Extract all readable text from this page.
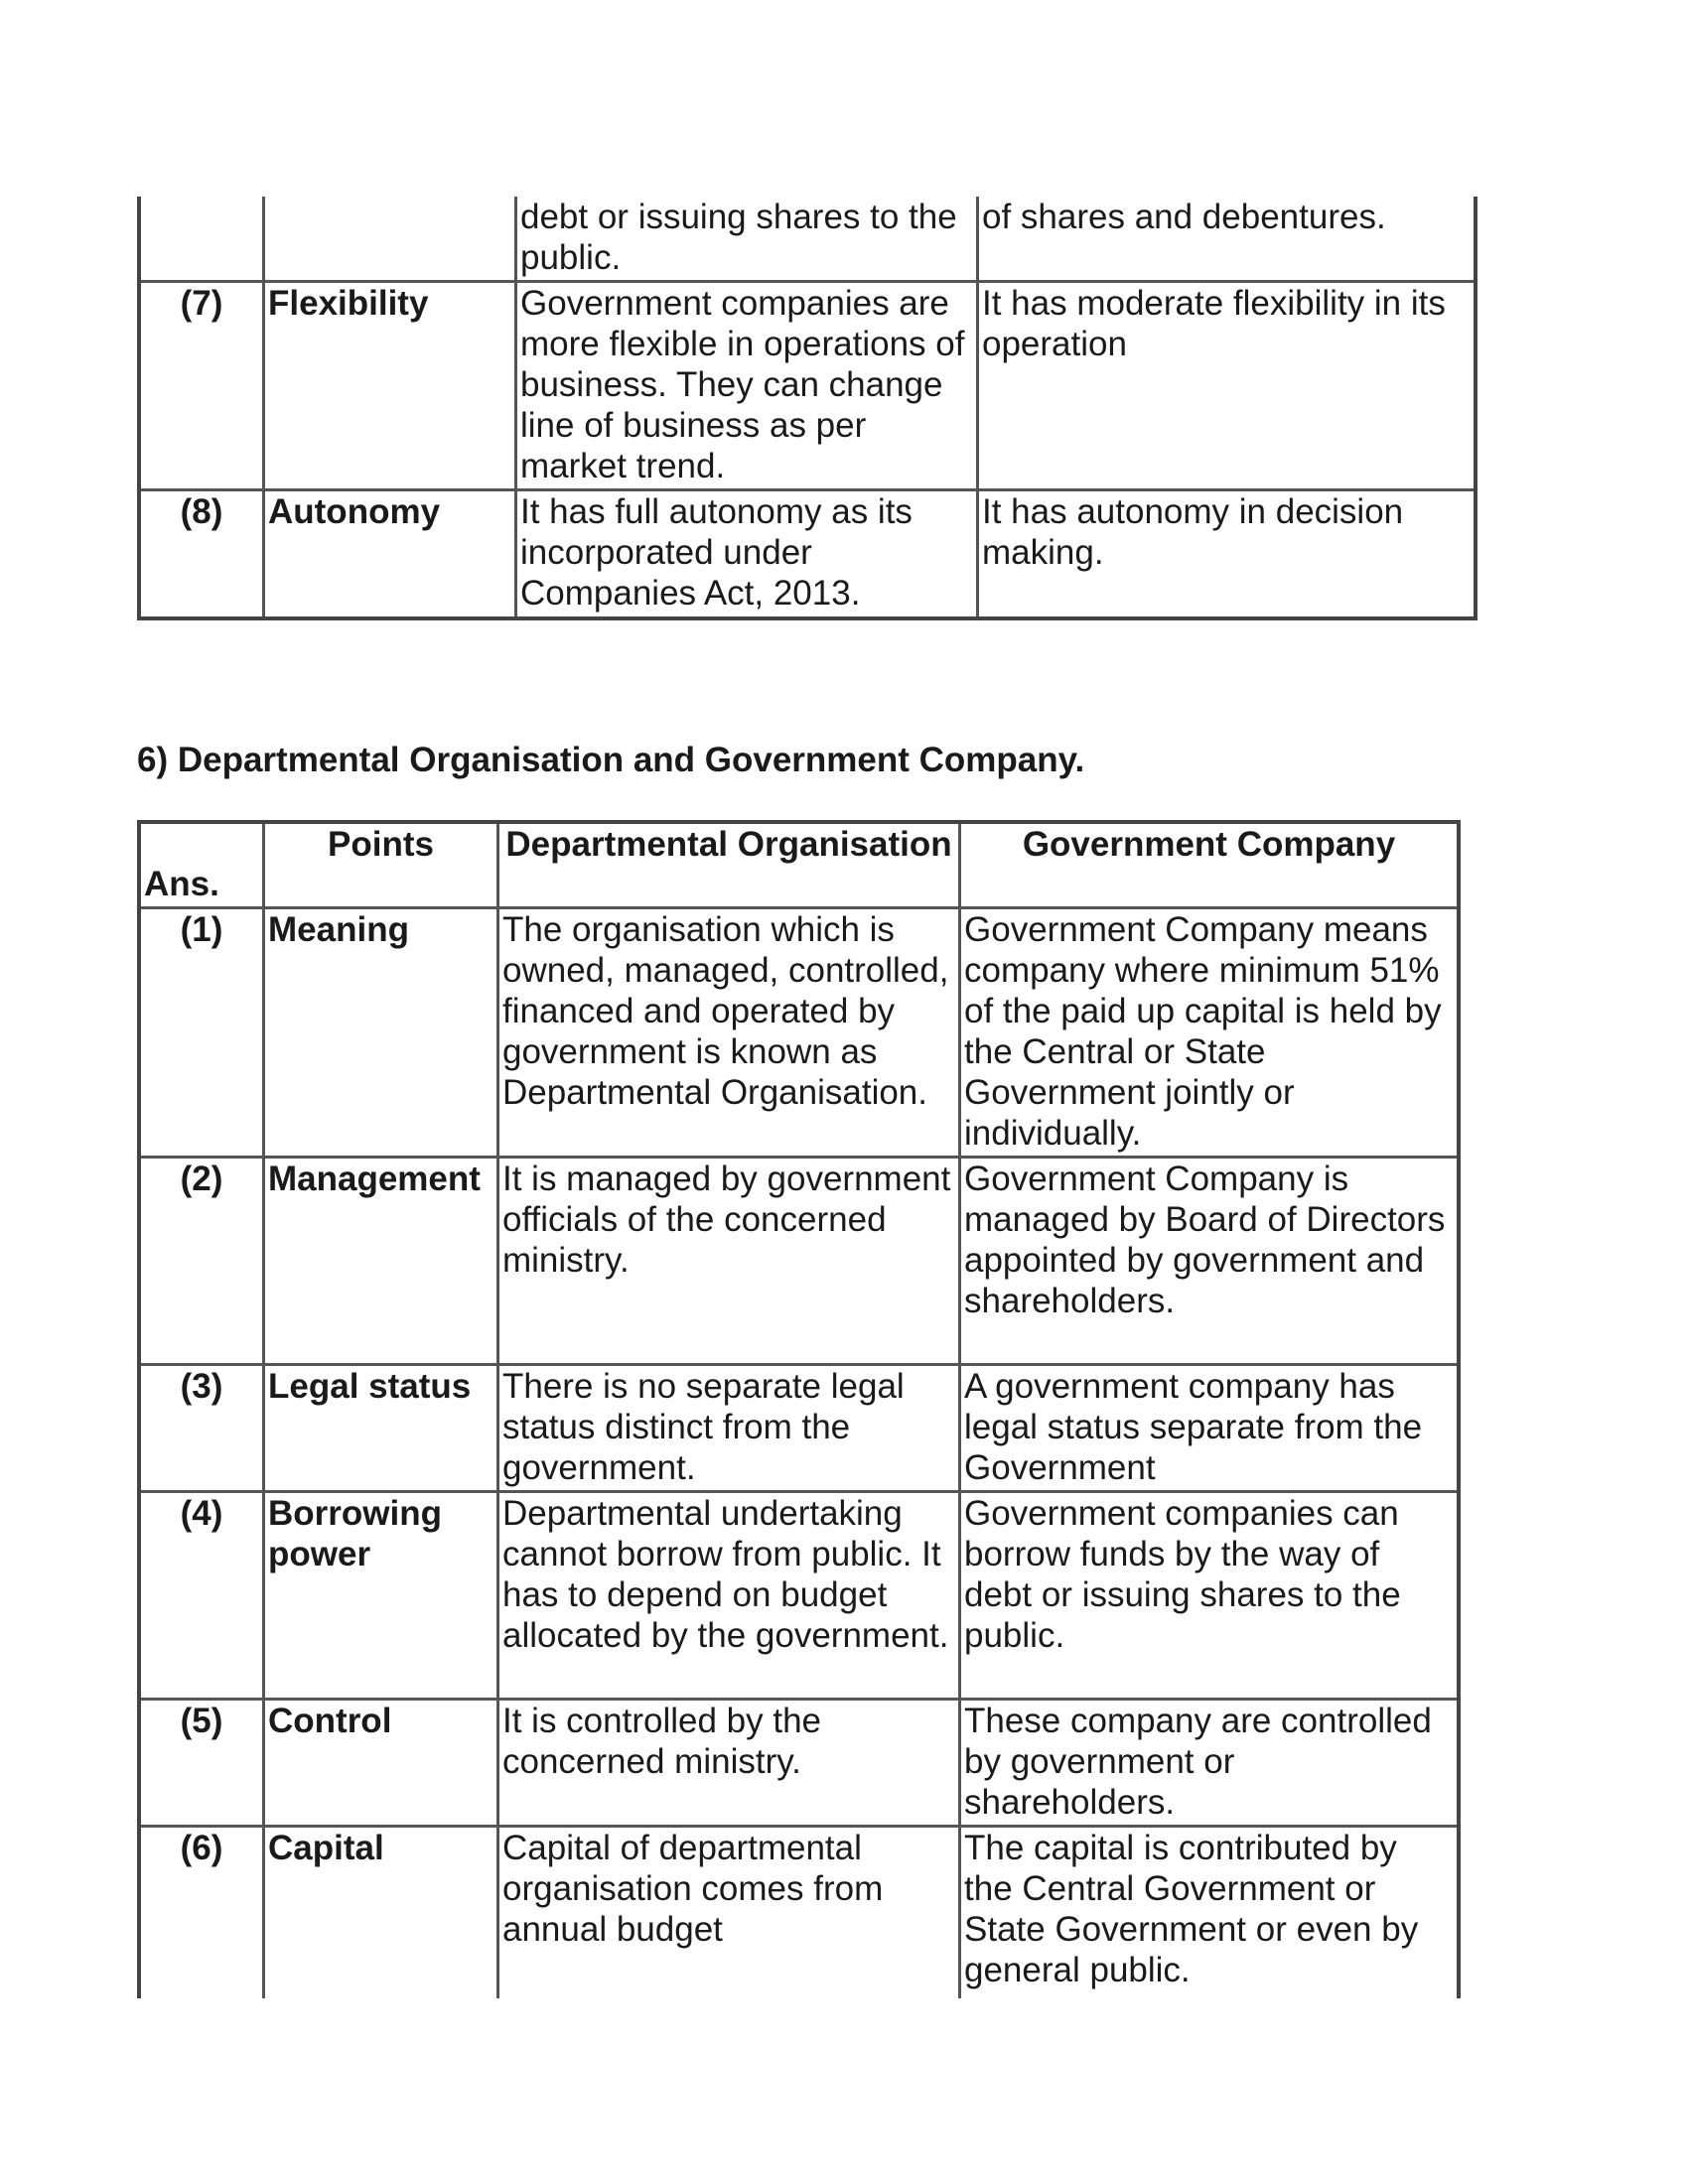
		debt or issuing shares to the public.	of shares and debentures.
(7)	Flexibility	Government companies are more flexible in operations of business. They can change line of business as per market trend.	It has moderate flexibility in its operation
(8)	Autonomy	It has full autonomy as its incorporated under Companies Act, 2013.	It has autonomy in decision making.
6) Departmental Organisation and Government Company.
Ans.	Points	Departmental Organisation	Government Company
(1)	Meaning	The organisation which is owned, managed, controlled, financed and operated by government is known as Departmental Organisation.	Government Company means company where minimum 51% of the paid up capital is held by the Central or State Government jointly or individually.
(2)	Management	It is managed by government officials of the concerned ministry.	Government Company is managed by Board of Directors appointed by government and shareholders.
(3)	Legal status	There is no separate legal status distinct from the government.	A government company has legal status separate from the Government
(4)	Borrowing power	Departmental undertaking cannot borrow from public. It has to depend on budget allocated by the government.	Government companies can borrow funds by the way of debt or issuing shares to the public.
(5)	Control	It is controlled by the concerned ministry.	These company are controlled by government or shareholders.
(6)	Capital	Capital of departmental organisation comes from annual budget	The capital is contributed by the Central Government or State Government or even by general public.
